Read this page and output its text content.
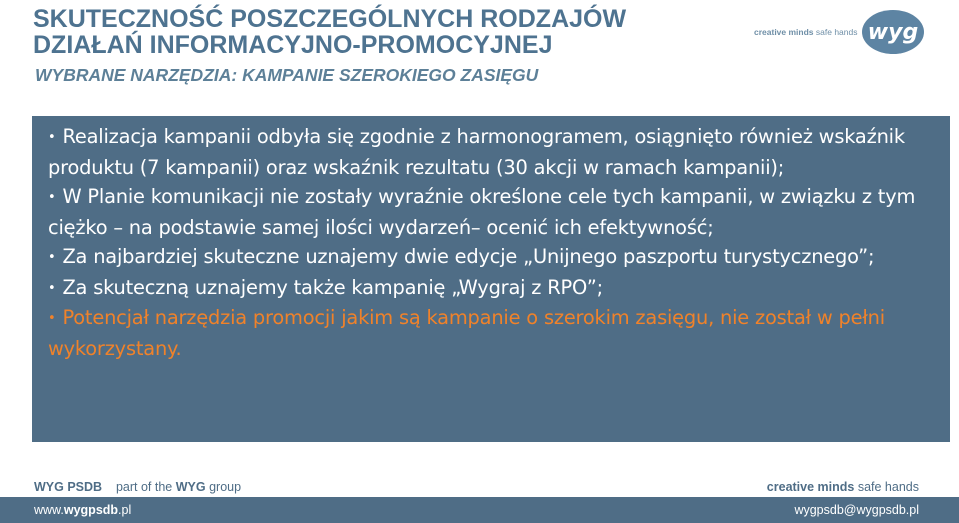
SKUTECZNOŚĆ POSZCZEGÓLNYCH RODZAJÓW
DZIAŁAŃ INFORMACYJNO-PROMOCYJNEJ
WYBRANE NARZĘDZIA: KAMPANIE SZEROKIEGO ZASIĘGU
creative minds safe hands wyg
• Realizacja kampanii odbyła się zgodnie z harmonogramem, osiągnięto również wskaźnik produktu (7 kampanii) oraz wskaźnik rezultatu (30 akcji w ramach kampanii);
• W Planie komunikacji nie zostały wyraźnie określone cele tych kampanii, w związku z tym ciężko – na podstawie samej ilości wydarzeń– ocenić ich efektywność;
• Za najbardziej skuteczne uznajemy dwie edycje „Unijnego paszportu turystycznego”;
• Za skuteczną uznajemy także kampanię „Wygraj z RPO”;
• Potencjał narzędzia promocji jakim są kampanie o szerokim zasięgu, nie został w pełni wykorzystany.
WYG PSDB part of the WYG group	creative minds safe hands
www.wygpsdb.pl	wygpsdb@wygpsdb.pl
